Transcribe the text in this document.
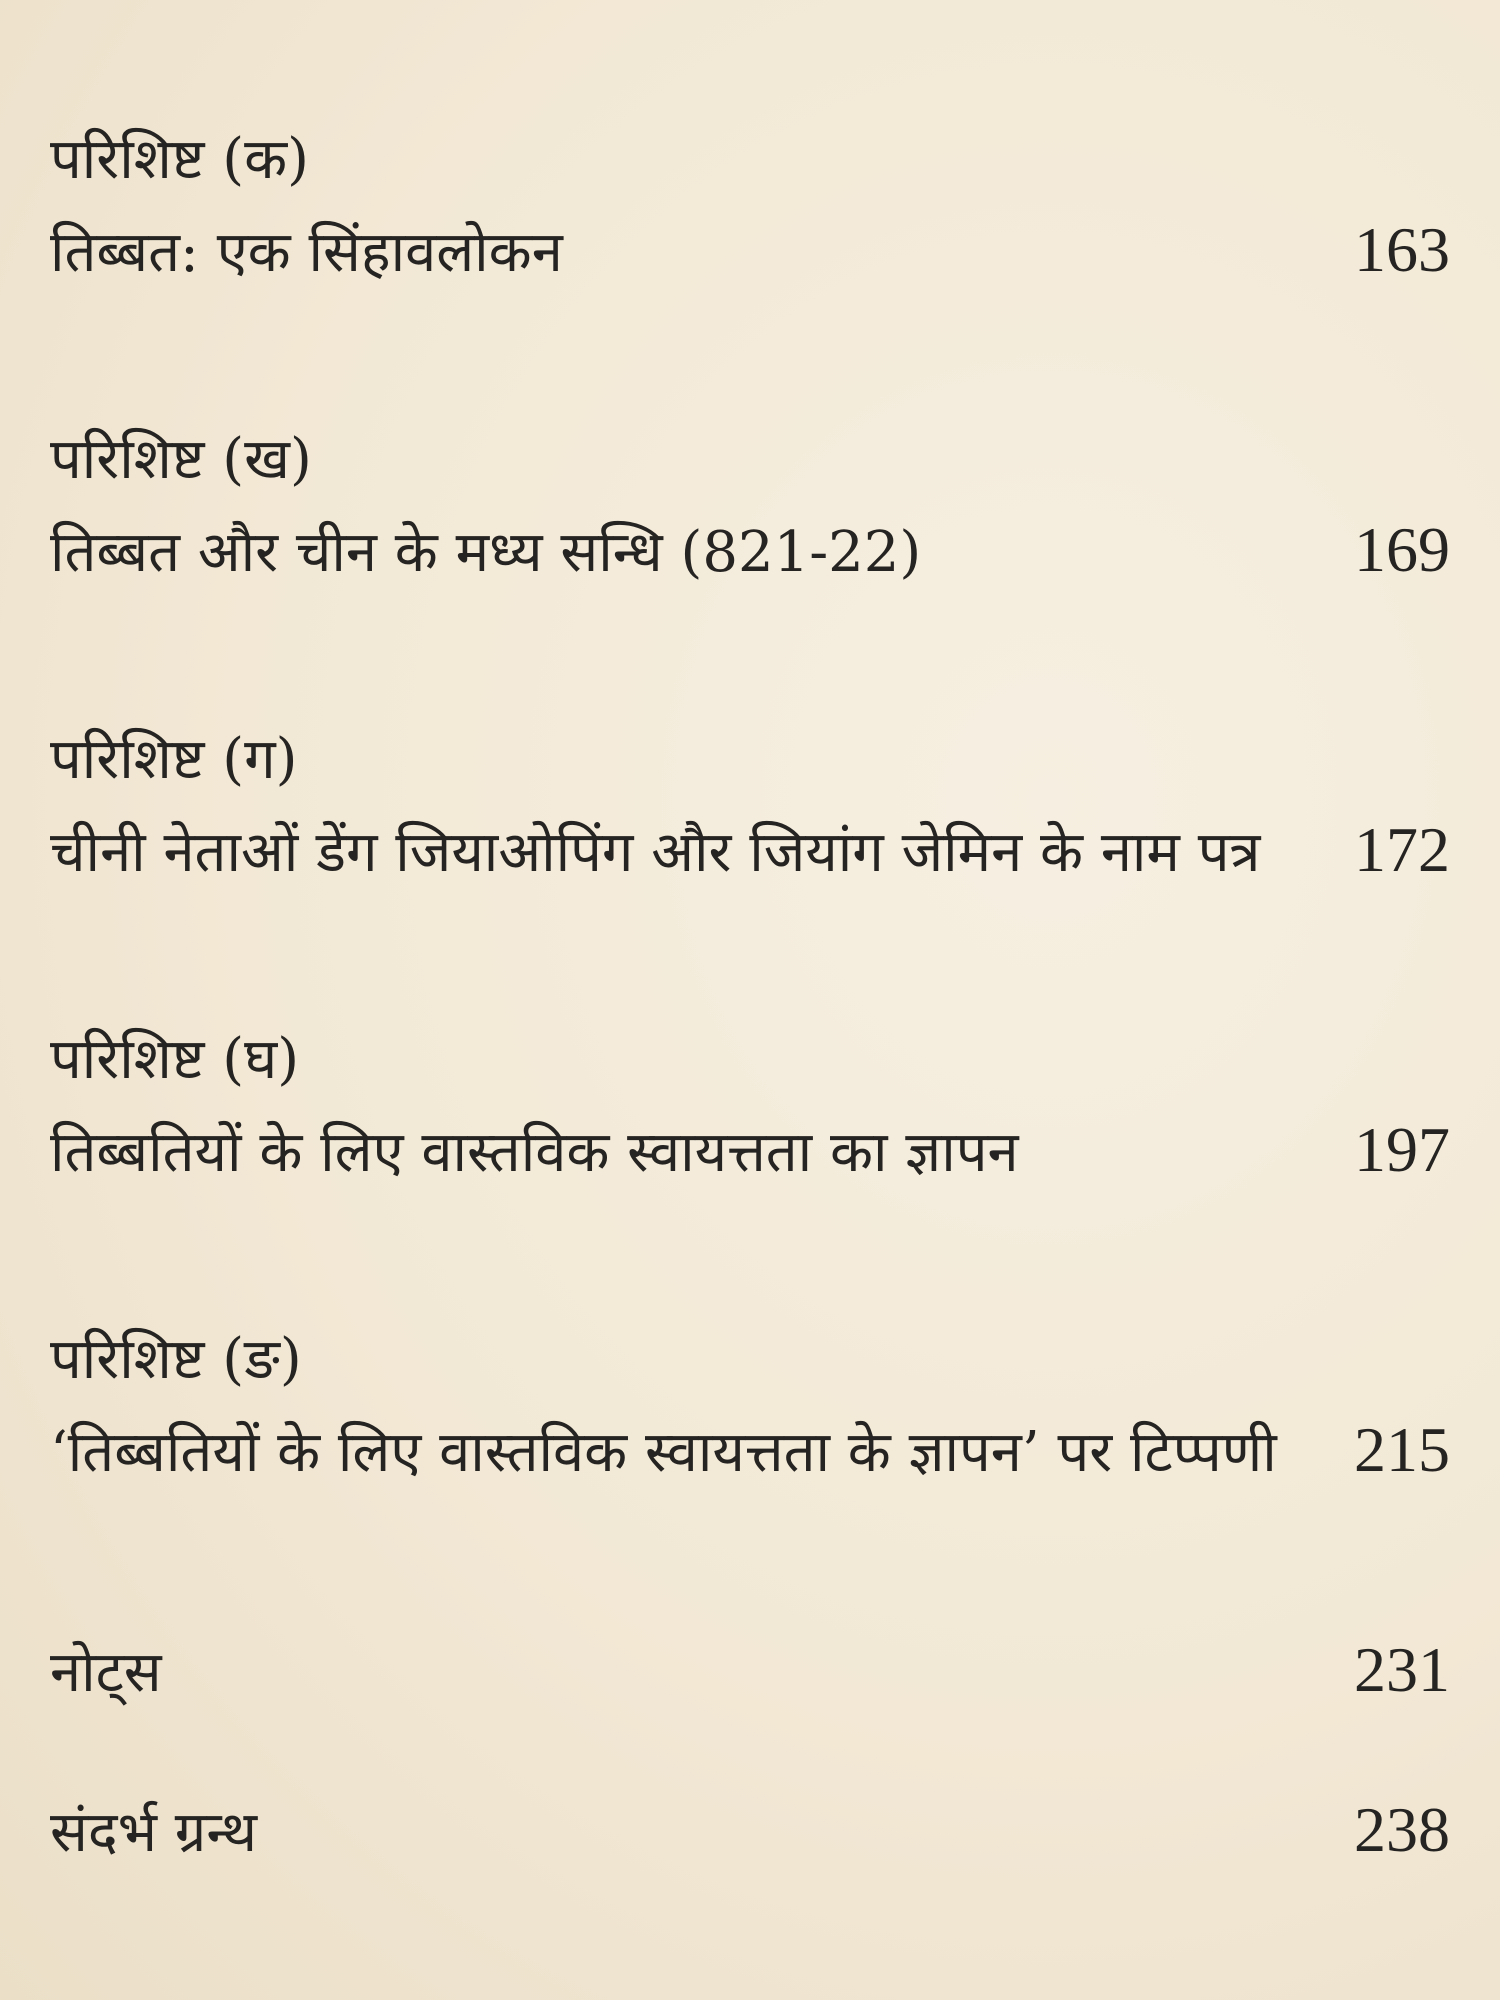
परिशिष्ट (क)
तिब्बत: एक सिंहावलोकन	163
परिशिष्ट (ख)
तिब्बत और चीन के मध्य सन्धि (821-22)	169
परिशिष्ट (ग)
चीनी नेताओं डेंग जियाओपिंग और जियांग जेमिन के नाम पत्र	172
परिशिष्ट (घ)
तिब्बतियों के लिए वास्तविक स्वायत्तता का ज्ञापन	197
परिशिष्ट (ङ)
‘तिब्बतियों के लिए वास्तविक स्वायत्तता के ज्ञापन’ पर टिप्पणी	215
नोट्स	231
संदर्भ ग्रन्थ	238
